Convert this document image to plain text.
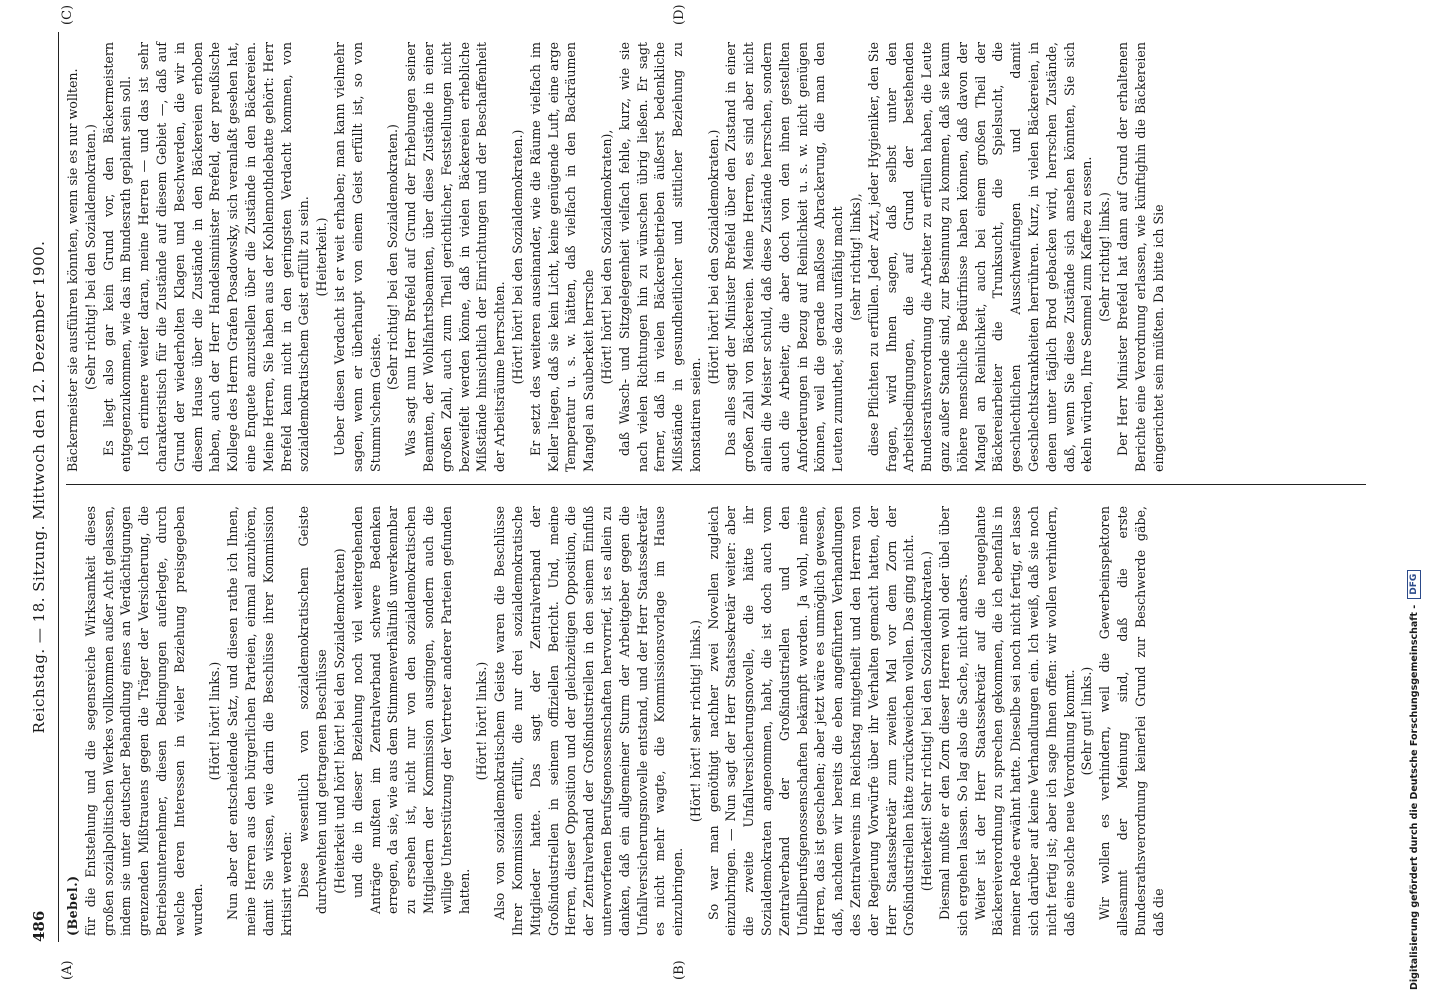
486
Reichstag. — 18. Sitzung. Mittwoch den 12. Dezember 1900.
(A)	(B)
(C)	(D)

(Bebel.) für die Entstehung und die segensreiche Wirksamkeit dieses großen sozialpolitischen Werkes vollkommen außer Acht gelassen, indem sie unter deutscher Behandlung eines an Verdächtigungen grenzenden Mißtrauens gegen die Träger der Versicherung, die Betriebsunternehmer, diesen Bedingungen auferlegte, durch welche deren Interessen in vieler Beziehung preisgegeben wurden.

(Hört! hört! links.) Nun aber der entscheidende Satz, und diesen rathe ich Ihnen, meine Herren aus den bürgerlichen Parteien, einmal anzuhören, damit Sie wissen, wie darin die Beschlüsse ihrer Kommission kritisirt werden: Diese wesentlich von sozialdemokratischem Geiste durchwehten und getragenen Beschlüsse (Heiterkeit und hört! hört! bei den Sozialdemokraten) und die in dieser Beziehung noch viel weitergehenden Anträge mußten im Zentralverband schwere Bedenken erregen, da sie, wie aus dem Stimmenverhältniß unverkennbar zu ersehen ist, nicht nur von den sozialdemokratischen Mitgliedern der Kommission ausgingen, sondern auch die willige Unterstützung der Vertreter anderer Parteien gefunden hatten.

(Hört! hört! links.) Also von sozialdemokratischem Geiste waren die Beschlüsse Ihrer Kommission erfüllt, die nur drei sozialdemokratische Mitglieder hatte. Das sagt der Zentralverband der Großindustriellen in seinem offiziellen Bericht. Und, meine Herren, dieser Opposition und der gleichzeitigen Opposition, die der Zentralverband der Großindustriellen in den seinem Einfluß unterworfenen Berufsgenossenschaften hervorrief, ist es allein zu danken, daß ein allgemeiner Sturm der Arbeitgeber gegen die Unfallversicherungsnovelle entstand, und der Herr Staatssekretär es nicht mehr wagte, die Kommissionsvorlage im Hause einzubringen.

(Hört! hört! sehr richtig! links.) So war man genöthigt nachher zwei Novellen zugleich einzubringen. — Nun sagt der Herr Staatssekretär weiter: aber die zweite Unfallversicherungsnovelle, die hätte ihr Sozialdemokraten angenommen, habt, die ist doch auch vom Zentralverband der Großindustriellen und den Unfallberufsgenossenschaften bekämpft worden. Ja wohl, meine Herren, das ist geschehen; aber jetzt wäre es unmöglich gewesen, daß, nachdem wir bereits die eben angeführten Verhandlungen des Zentralvereins im Reichstag mitgetheilt und den Herren von der Regierung Vorwürfe über ihr Verhalten gemacht hatten, der Herr Staatssekretär zum zweiten Mal vor dem Zorn der Großindustriellen hätte zurückweichen wollen. Das ging nicht. (Heiterkeit! Sehr richtig! bei den Sozialdemokraten.) Diesmal mußte er den Zorn dieser Herren wohl oder übel über sich ergehen lassen. So lag also die Sache, nicht anders. Weiter ist der Herr Staatssekretär auf die neugeplante Bäckereiverordnung zu sprechen gekommen, die ich ebenfalls in meiner Rede erwähnt hatte. Dieselbe sei noch nicht fertig, er lasse sich darüber auf keine Verhandlungen ein. Ich weiß, daß sie noch nicht fertig ist; aber ich sage Ihnen offen: wir wollen verhindern, daß eine solche neue Verordnung kommt. (Sehr gut! links.) Wir wollen es verhindern, weil die Gewerbeinspektoren allesammt der Meinung sind, daß die erste Bundesrathsverordnung keinerlei Grund zur Beschwerde gäbe, daß die

Bäckermeister sie ausführen könnten, wenn sie es nur wollten. (Sehr richtig! bei den Sozialdemokraten.) Es liegt also gar kein Grund vor, den Bäckermeistern entgegenzukommen, wie das im Bundesrath geplant sein soll. Ich erinnere weiter daran, meine Herren — und das ist sehr charakteristisch für die Zustände auf diesem Gebiet —, daß auf Grund der wiederholten Klagen und Beschwerden, die wir in diesem Hause über die Zustände in den Bäckereien erhoben haben, auch der Herr Handelsminister Brefeld, der preußische Kollege des Herrn Grafen Posadowsky, sich veranlaßt gesehen hat, eine Enquete anzustellen über die Zustände in den Bäckereien. Meine Herren, Sie haben aus der Kohlennothdebatte gehört: Herr Brefeld kann nicht in den geringsten Verdacht kommen, von sozialdemokratischem Geist erfüllt zu sein. (Heiterkeit.) Ueber diesen Verdacht ist er weit erhaben; man kann vielmehr sagen, wenn er überhaupt von einem Geist erfüllt ist, so von Stumm'schem Geiste.

(Sehr richtig! bei den Sozialdemokraten.) Was sagt nun Herr Brefeld auf Grund der Erhebungen seiner Beamten, der Wohlfahrtsbeamten, über diese Zustände in einer großen Zahl, auch zum Theil gerichtlicher, Feststellungen nicht bezweifelt werden könne, daß in vielen Bäckereien erhebliche Mißstände hinsichtlich der Einrichtungen und der Beschaffenheit der Arbeitsräume herrschten. (Hört! hört! bei den Sozialdemokraten.) Er setzt des weiteren auseinander, wie die Räume vielfach im Keller liegen, daß sie kein Licht, keine genügende Luft, eine arge Temperatur u. s. w. hätten, daß vielfach in den Backräumen Mangel an Sauberkeit herrsche (Hört! hört! bei den Sozialdemokraten), daß Wasch- und Sitzgelegenheit vielfach fehle, kurz, wie sie nach vielen Richtungen hin zu wünschen übrig ließen. Er sagt ferner, daß in vielen Bäckereibetrieben äußerst bedenkliche Mißstände in gesundheitlicher und sittlicher Beziehung zu konstatiren seien.

(Hört! hört! bei den Sozialdemokraten.) Das alles sagt der Minister Brefeld über den Zustand in einer großen Zahl von Bäckereien. Meine Herren, es sind aber nicht allein die Meister schuld, daß diese Zustände herrschen, sondern auch die Arbeiter, die aber doch von den ihnen gestellten Anforderungen in Bezug auf Reinlichkeit u. s. w. nicht genügen können, weil die gerade maßlose Abrackerung, die man den Leuten zumuthet, sie dazu unfähig macht (sehr richtig! links), diese Pflichten zu erfüllen. Jeder Arzt, jeder Hygieniker, den Sie fragen, wird Ihnen sagen, daß selbst unter den Arbeitsbedingungen, die auf Grund der bestehenden Bundesrathsverordnung die Arbeiter zu erfüllen haben, die Leute ganz außer Stande sind, zur Besinnung zu kommen, daß sie kaum höhere menschliche Bedürfnisse haben können, daß davon der Mangel an Reinlichkeit, auch bei einem großen Theil der Bäckereiarbeiter die Trunksucht, die Spielsucht, die geschlechtlichen Ausschweifungen und damit Geschlechtskrankheiten herrühren. Kurz, in vielen Bäckereien, in denen unter täglich Brod gebacken wird, herrschen Zustände, daß, wenn Sie diese Zustände sich ansehen könnten, Sie sich ekeln würden, Ihre Semmel zum Kaffee zu essen. (Sehr richtig! links.) Der Herr Minister Brefeld hat dann auf Grund der erhaltenen Berichte eine Verordnung erlassen, wie künftighin die Bäckereien eingerichtet sein müßten. Da bitte ich Sie

Digitalisierung gefördert durch die Deutsche Forschungsgemeinschaft -
DFG
